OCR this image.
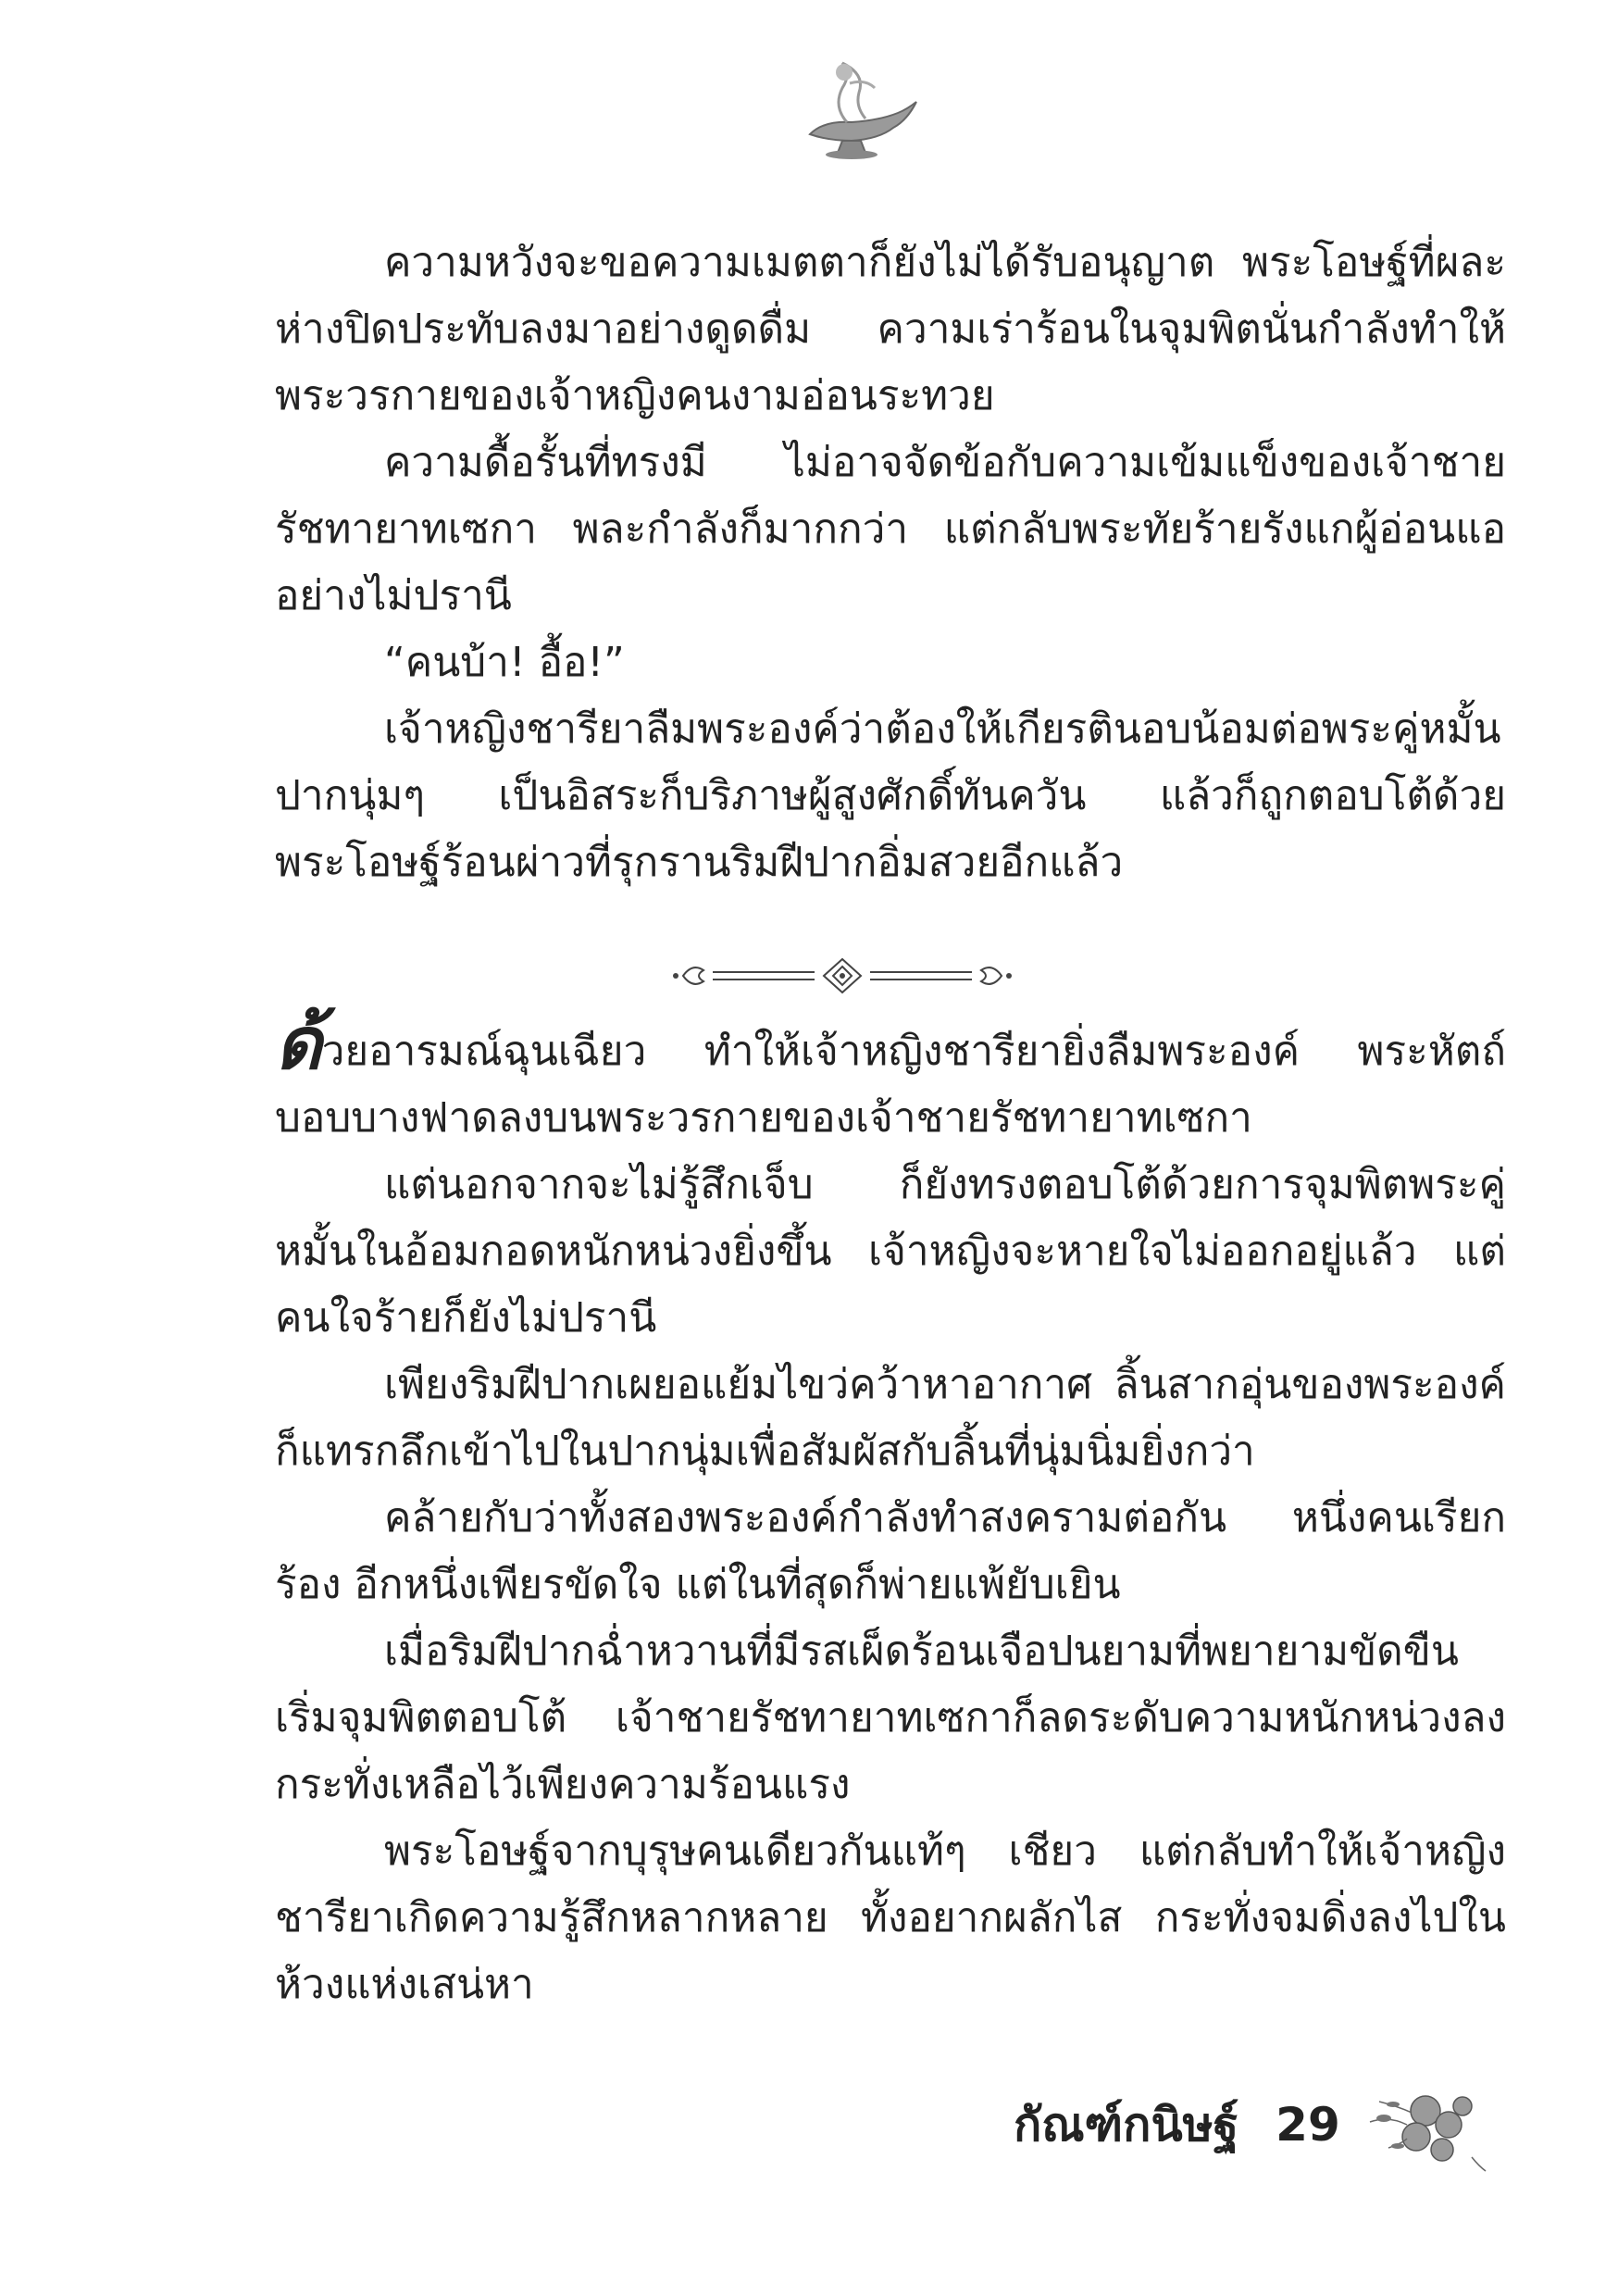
ความหวังจะขอความเมตตาก็ยังไม่ได้รับอนุญาต พระโอษฐ์ที่ผละห่างปิดประทับลงมาอย่างดูดดื่ม ความเร่าร้อนในจุมพิตนั่นกำลังทำให้พระวรกายของเจ้าหญิงคนงามอ่อนระทวย

ความดื้อรั้นที่ทรงมี ไม่อาจจัดข้อกับความเข้มแข็งของเจ้าชายรัชทายาทเซกา พละกำลังก็มากกว่า แต่กลับพระทัยร้ายรังแกผู้อ่อนแออย่างไม่ปรานี

“คนบ้า! อื้อ!”

เจ้าหญิงชารียาลืมพระองค์ว่าต้องให้เกียรตินอบน้อมต่อพระคู่หมั้น ปากนุ่มๆ เป็นอิสระก็บริภาษผู้สูงศักดิ์ทันควัน แล้วก็ถูกตอบโต้ด้วยพระโอษฐ์ร้อนผ่าวที่รุกรานริมฝีปากอิ่มสวยอีกแล้ว

ด้วยอารมณ์ฉุนเฉียว ทำให้เจ้าหญิงชารียายิ่งลืมพระองค์ พระหัตถ์บอบบางฟาดลงบนพระวรกายของเจ้าชายรัชทายาทเซกา

แต่นอกจากจะไม่รู้สึกเจ็บ ก็ยังทรงตอบโต้ด้วยการจุมพิตพระคู่หมั้นในอ้อมกอดหนักหน่วงยิ่งขึ้น เจ้าหญิงจะหายใจไม่ออกอยู่แล้ว แต่คนใจร้ายก็ยังไม่ปรานี

เพียงริมฝีปากเผยอแย้มไขว่คว้าหาอากาศ ลิ้นสากอุ่นของพระองค์ก็แทรกลึกเข้าไปในปากนุ่มเพื่อสัมผัสกับลิ้นที่นุ่มนิ่มยิ่งกว่า

คล้ายกับว่าทั้งสองพระองค์กำลังทำสงครามต่อกัน หนึ่งคนเรียกร้อง อีกหนึ่งเพียรขัดใจ แต่ในที่สุดก็พ่ายแพ้ยับเยิน

เมื่อริมฝีปากฉ่ำหวานที่มีรสเผ็ดร้อนเจือปนยามที่พยายามขัดขืนเริ่มจุมพิตตอบโต้ เจ้าชายรัชทายาทเซกาก็ลดระดับความหนักหน่วงลงกระทั่งเหลือไว้เพียงความร้อนแรง

พระโอษฐ์จากบุรุษคนเดียวกันแท้ๆ เชียว แต่กลับทำให้เจ้าหญิงชารียาเกิดความรู้สึกหลากหลาย ทั้งอยากผลักไส กระทั่งจมดิ่งลงไปในห้วงแห่งเสน่หา

กัณฑ์กนิษฐ์ 29
